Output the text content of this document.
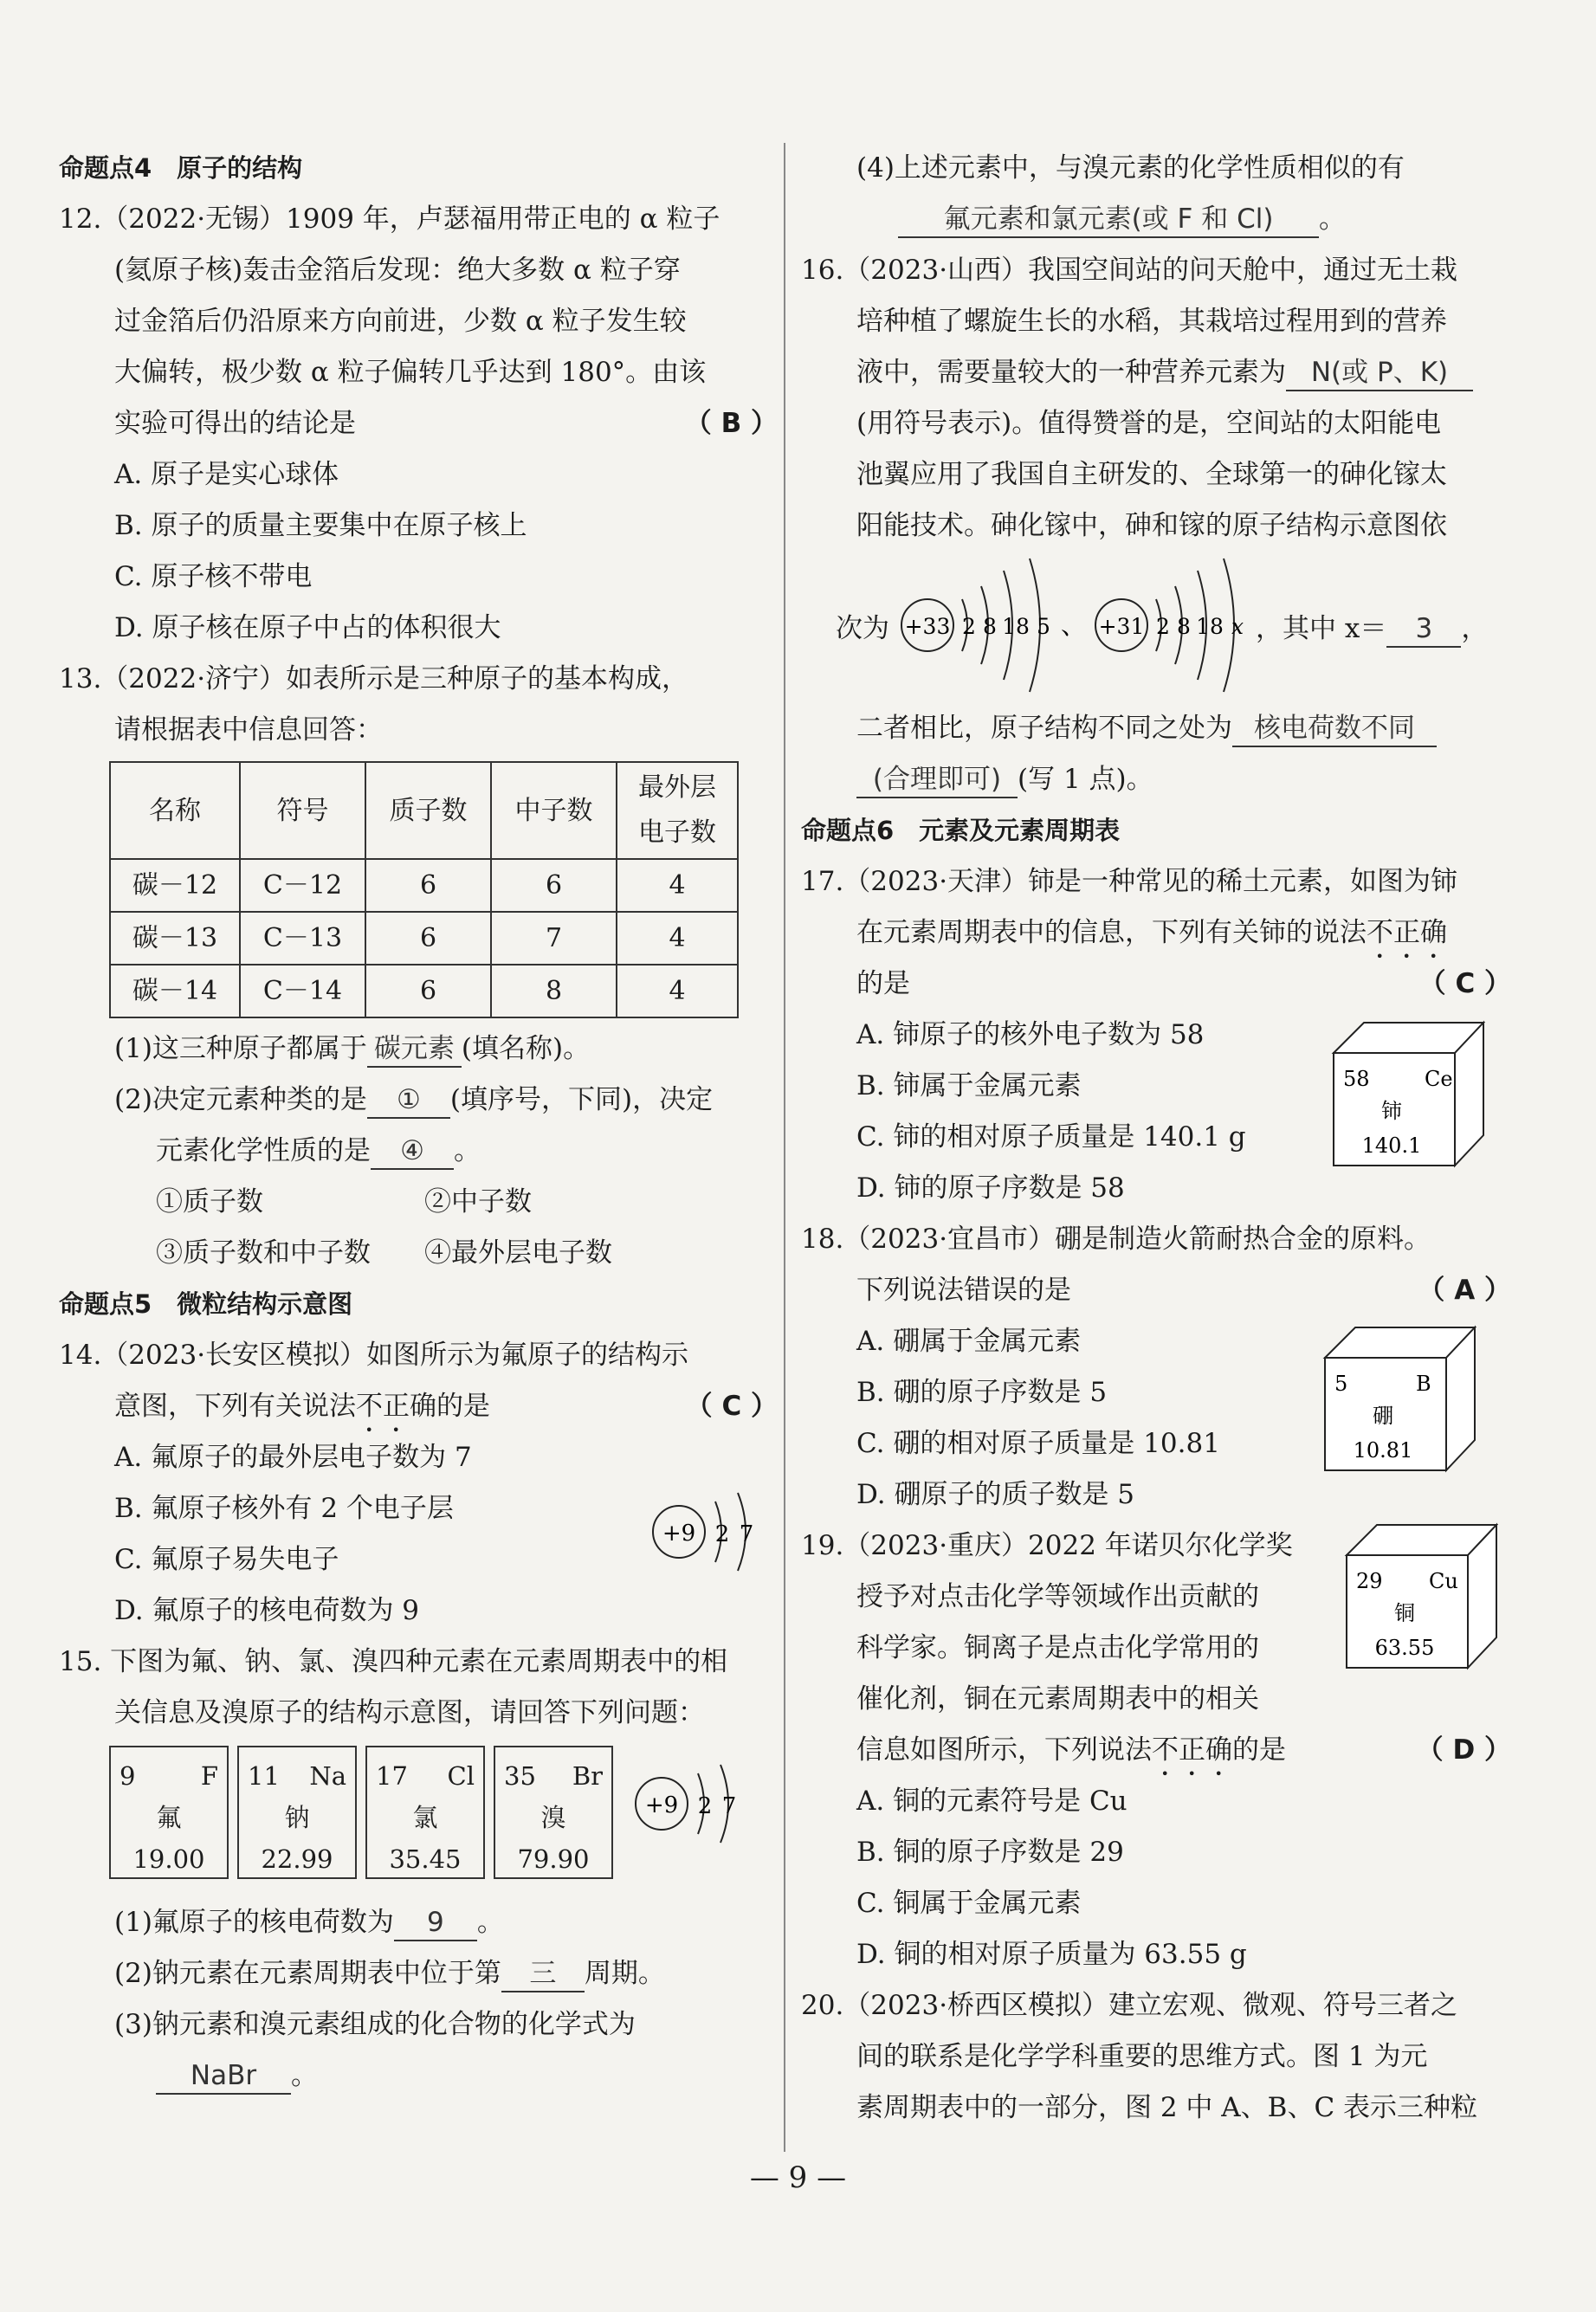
命题点4　原子的结构
12.（2022·无锡）1909 年，卢瑟福用带正电的 α 粒子
(氦原子核)轰击金箔后发现：绝大多数 α 粒子穿
过金箔后仍沿原来方向前进，少数 α 粒子发生较
大偏转，极少数 α 粒子偏转几乎达到 180°。由该
实验可得出的结论是	（ B ）
A. 原子是实心球体
B. 原子的质量主要集中在原子核上
C. 原子核不带电
D. 原子核在原子中占的体积很大
13.（2022·济宁）如表所示是三种原子的基本构成，
请根据表中信息回答：
名称	符号	质子数	中子数	最外层
电子数
碳－12	C－12	6	6	4
碳－13	C－13	6	7	4
碳－14	C－14	6	8	4
(1)这三种原子都属于 碳元素 (填名称)。
(2)决定元素种类的是 ① (填序号，下同)，决定
元素化学性质的是 ④ 。
①质子数	②中子数
③质子数和中子数 ④最外层电子数
命题点5　微粒结构示意图
14.（2023·长安区模拟）如图所示为氟原子的结构示
意图，下列有关说法不正确的是	（ C ）
A. 氟原子的最外层电子数为 7
B. 氟原子核外有 2 个电子层
C. 氟原子易失电子
D. 氟原子的核电荷数为 9
+9 2 7
15. 下图为氟、钠、氯、溴四种元素在元素周期表中的相
关信息及溴原子的结构示意图，请回答下列问题：
9	F
氟
19.00
11 Na
钠
22.99
17 Cl
氯
35.45
35 Br
溴
79.90
+9 2 7
(1)氟原子的核电荷数为 9 。
(2)钠元素在元素周期表中位于第 三 周期。
(3)钠元素和溴元素组成的化合物的化学式为
NaBr 。
(4)上述元素中，与溴元素的化学性质相似的有
氟元素和氯元素(或 F 和 Cl) 。
16.（2023·山西）我国空间站的问天舱中，通过无土栽
培种植了螺旋生长的水稻，其栽培过程用到的营养
液中，需要量较大的一种营养元素为 N(或 P、K)
(用符号表示)。值得赞誉的是，空间站的太阳能电
池翼应用了我国自主研发的、全球第一的砷化镓太
阳能技术。砷化镓中，砷和镓的原子结构示意图依
次为 +33 2 8 18 5 、 +31 2 8 18 x ，其中 x＝ 3 ，
二者相比，原子结构不同之处为 核电荷数不同
(合理即可) (写 1 点)。
命题点6　元素及元素周期表
17.（2023·天津）铈是一种常见的稀土元素，如图为铈
在元素周期表中的信息，下列有关铈的说法不正确
的是	（ C ）
A. 铈原子的核外电子数为 58
B. 铈属于金属元素
C. 铈的相对原子质量是 140.1 g
D. 铈的原子序数是 58
58	Ce
铈
140.1
18.（2023·宜昌市）硼是制造火箭耐热合金的原料。
下列说法错误的是	（ A ）
A. 硼属于金属元素
B. 硼的原子序数是 5
C. 硼的相对原子质量是 10.81
D. 硼原子的质子数是 5
5	B
硼
10.81
19.（2023·重庆）2022 年诺贝尔化学奖
授予对点击化学等领域作出贡献的
科学家。铜离子是点击化学常用的
催化剂，铜在元素周期表中的相关
信息如图所示，下列说法不正确的是	（ D ）
29 Cu
铜
63.55
A. 铜的元素符号是 Cu
B. 铜的原子序数是 29
C. 铜属于金属元素
D. 铜的相对原子质量为 63.55 g
20.（2023·桥西区模拟）建立宏观、微观、符号三者之
间的联系是化学学科重要的思维方式。图 1 为元
素周期表中的一部分，图 2 中 A、B、C 表示三种粒
— 9 —
